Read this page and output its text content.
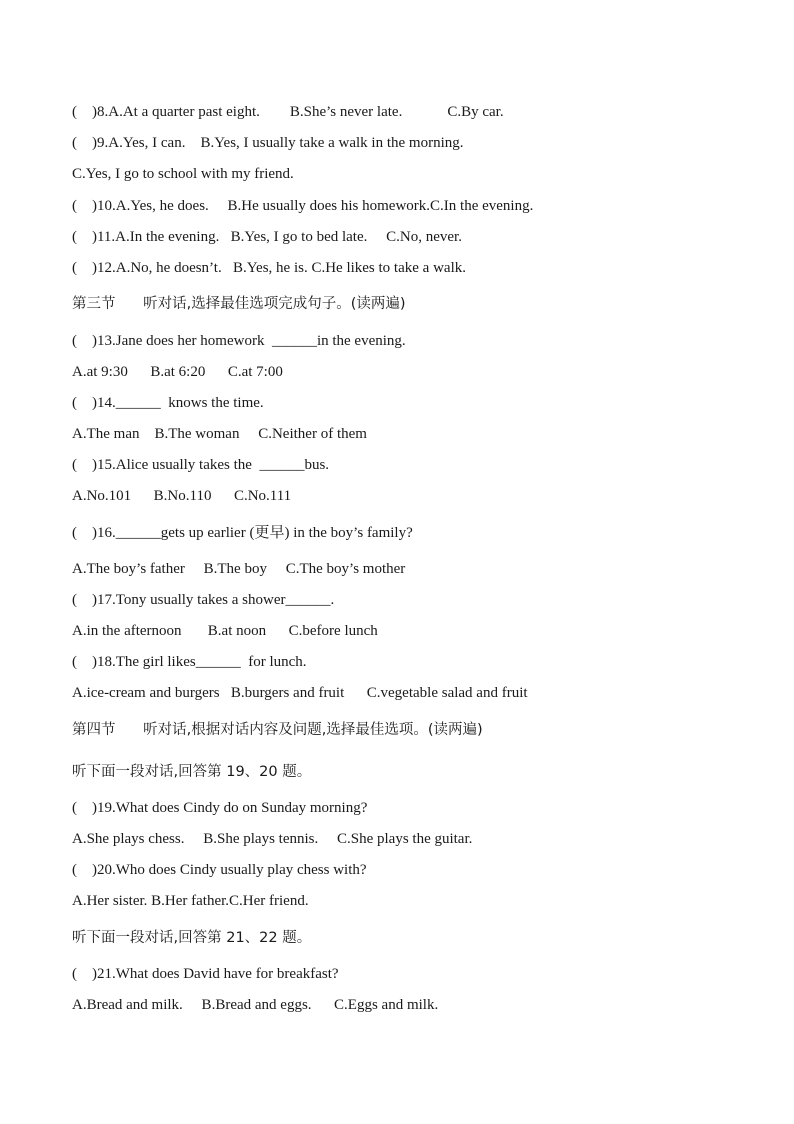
(    )8.A.At a quarter past eight.        B.She’s never late.            C.By car.
(    )9.A.Yes, I can.    B.Yes, I usually take a walk in the morning.
C.Yes, I go to school with my friend.
(    )10.A.Yes, he does.     B.He usually does his homework.C.In the evening.
(    )11.A.In the evening.   B.Yes, I go to bed late.     C.No, never.
(    )12.A.No, he doesn’t.   B.Yes, he is. C.He likes to take a walk.
第三节      听对话,选择最佳选项完成句子。(读两遍)
(    )13.Jane does her homework  ______in the evening.
A.at 9:30      B.at 6:20      C.at 7:00
(    )14.______  knows the time.
A.The man    B.The woman     C.Neither of them
(    )15.Alice usually takes the  ______bus.
A.No.101      B.No.110      C.No.111
(    )16.______gets up earlier (更早) in the boy’s family?
A.The boy’s father     B.The boy     C.The boy’s mother
(    )17.Tony usually takes a shower______.
A.in the afternoon       B.at noon      C.before lunch
(    )18.The girl likes______  for lunch.
A.ice-cream and burgers   B.burgers and fruit      C.vegetable salad and fruit
第四节      听对话,根据对话内容及问题,选择最佳选项。(读两遍)
听下面一段对话,回答第 19、20 题。
(    )19.What does Cindy do on Sunday morning?
A.She plays chess.     B.She plays tennis.     C.She plays the guitar.
(    )20.Who does Cindy usually play chess with?
A.Her sister. B.Her father.C.Her friend.
听下面一段对话,回答第 21、22 题。
(    )21.What does David have for breakfast?
A.Bread and milk.     B.Bread and eggs.      C.Eggs and milk.
